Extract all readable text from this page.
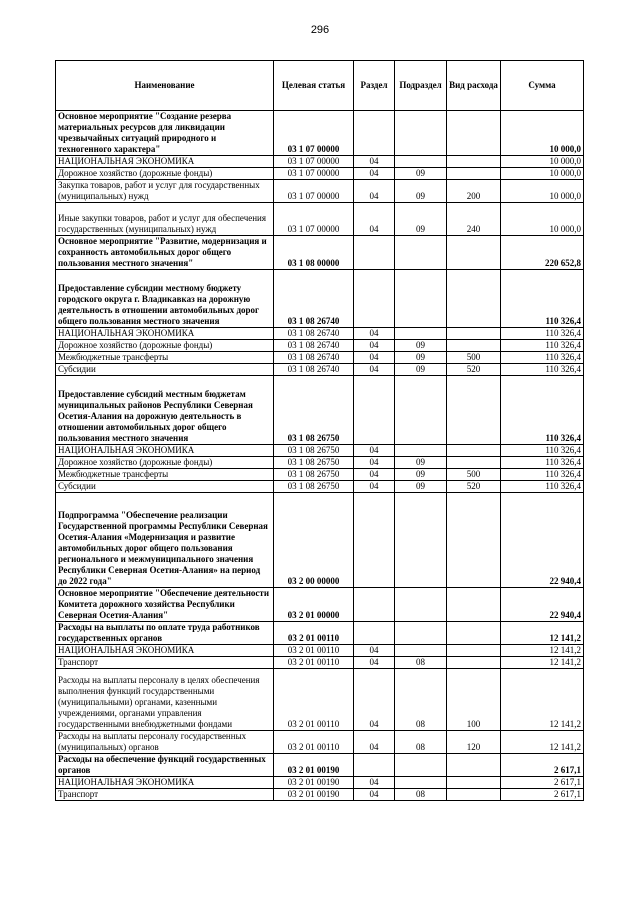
296
Наименование	Целевая статья	Раздел	Подраздел	Вид расхода	Сумма
Основное мероприятие "Создание резерва материальных ресурсов для ликвидации чрезвычайных ситуаций природного и техногенного характера"	03 1 07 00000				10 000,0
НАЦИОНАЛЬНАЯ ЭКОНОМИКА	03 1 07 00000	04			10 000,0
Дорожное хозяйство (дорожные фонды)	03 1 07 00000	04	09		10 000,0
Закупка товаров, работ и услуг для государственных (муниципальных) нужд	03 1 07 00000	04	09	200	10 000,0
Иные закупки товаров, работ и услуг для обеспечения государственных (муниципальных) нужд	03 1 07 00000	04	09	240	10 000,0
Основное мероприятие "Развитие, модернизация и сохранность автомобильных дорог общего пользования местного значения"	03 1 08 00000				220 652,8
Предоставление субсидии местному бюджету городского округа г. Владикавказ на дорожную деятельность в отношении автомобильных дорог общего пользования местного значения	03 1 08 26740				110 326,4
НАЦИОНАЛЬНАЯ ЭКОНОМИКА	03 1 08 26740	04			110 326,4
Дорожное хозяйство (дорожные фонды)	03 1 08 26740	04	09		110 326,4
Межбюджетные трансферты	03 1 08 26740	04	09	500	110 326,4
Субсидии	03 1 08 26740	04	09	520	110 326,4
Предоставление субсидий местным бюджетам муниципальных районов Республики Северная Осетия-Алания на дорожную деятельность в отношении автомобильных дорог общего пользования местного значения	03 1 08 26750				110 326,4
НАЦИОНАЛЬНАЯ ЭКОНОМИКА	03 1 08 26750	04			110 326,4
Дорожное хозяйство (дорожные фонды)	03 1 08 26750	04	09		110 326,4
Межбюджетные трансферты	03 1 08 26750	04	09	500	110 326,4
Субсидии	03 1 08 26750	04	09	520	110 326,4
Подпрограмма "Обеспечение реализации Государственной программы Республики Северная Осетия-Алания «Модернизация и развитие автомобильных дорог общего пользования регионального и межмуниципального значения Республики Северная Осетия-Алания» на период до 2022 года"	03 2 00 00000				22 940,4
Основное мероприятие "Обеспечение деятельности Комитета дорожного хозяйства Республики Северная Осетия-Алания"	03 2 01 00000				22 940,4
Расходы на выплаты по оплате труда работников государственных органов	03 2 01 00110				12 141,2
НАЦИОНАЛЬНАЯ ЭКОНОМИКА	03 2 01 00110	04			12 141,2
Транспорт	03 2 01 00110	04	08		12 141,2
Расходы на выплаты персоналу в целях обеспечения выполнения функций государственными (муниципальными) органами, казенными учреждениями, органами управления государственными внебюджетными фондами	03 2 01 00110	04	08	100	12 141,2
Расходы на выплаты персоналу государственных (муниципальных) органов	03 2 01 00110	04	08	120	12 141,2
Расходы на обеспечение функций государственных органов	03 2 01 00190				2 617,1
НАЦИОНАЛЬНАЯ ЭКОНОМИКА	03 2 01 00190	04			2 617,1
Транспорт	03 2 01 00190	04	08		2 617,1
